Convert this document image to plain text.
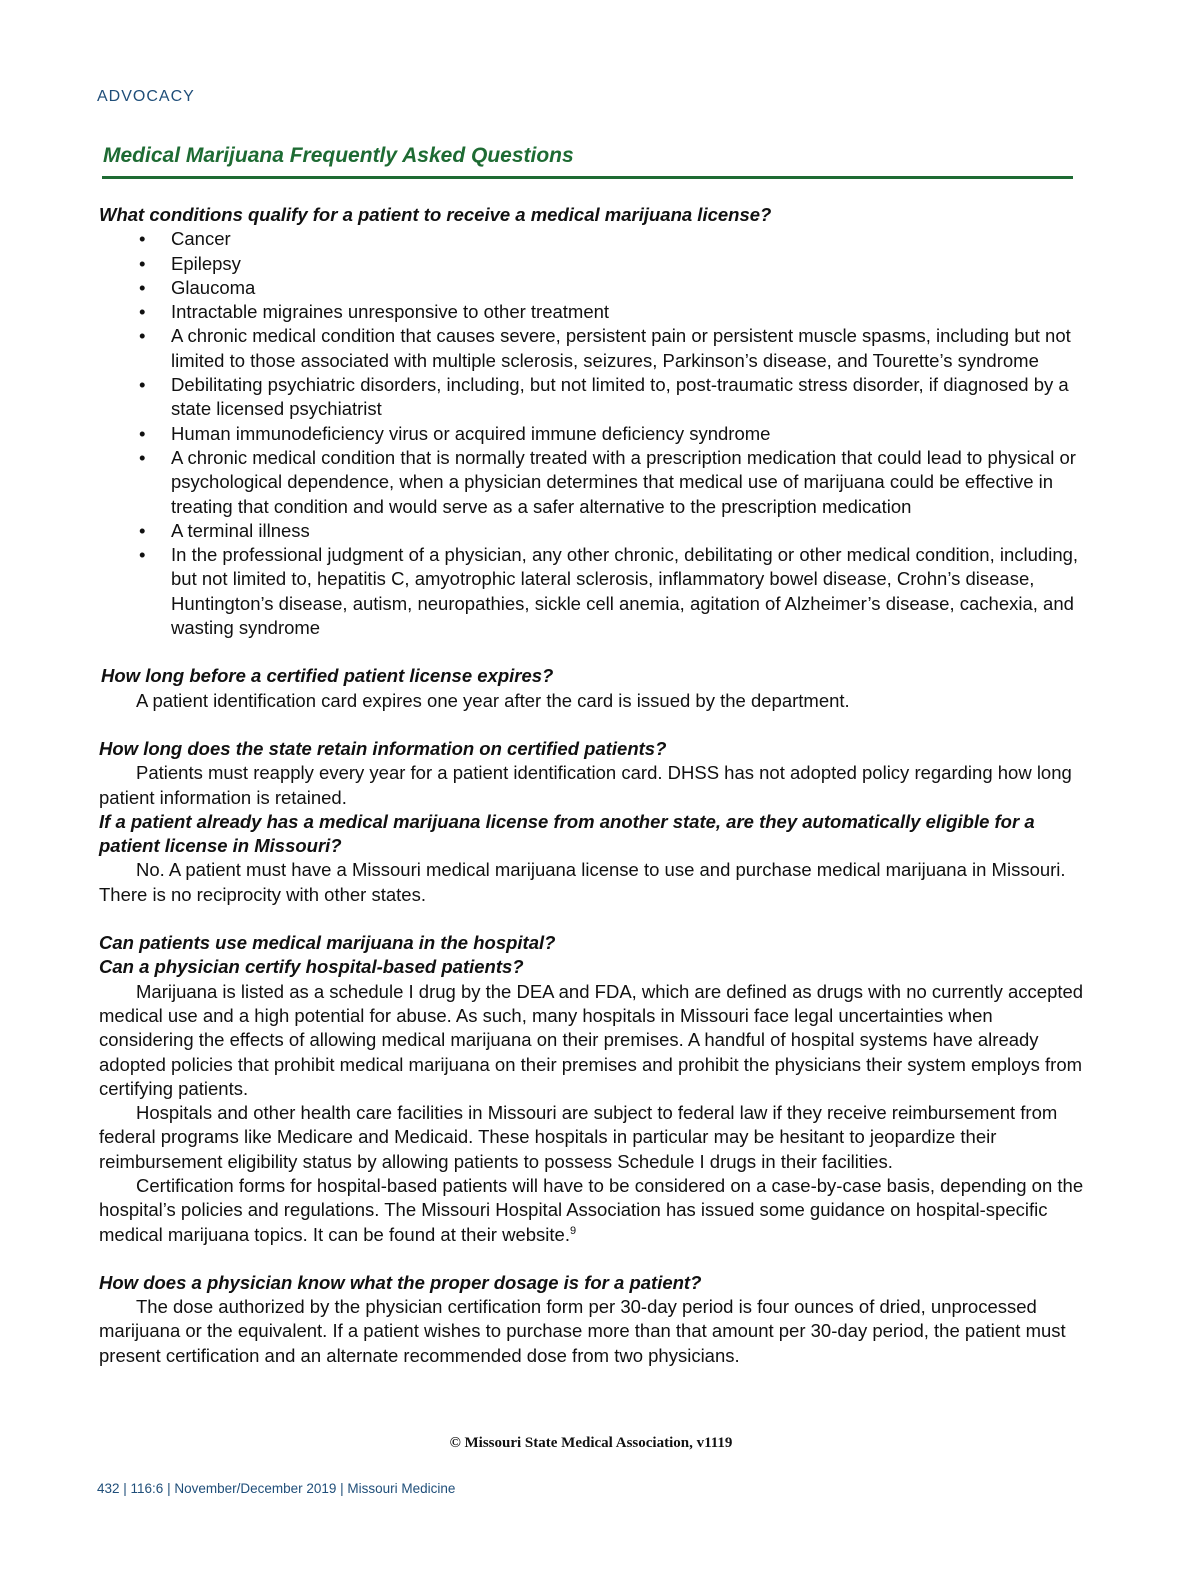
ADVOCACY
Medical Marijuana Frequently Asked Questions

What conditions qualify for a patient to receive a medical marijuana license?

• Cancer
• Epilepsy
• Glaucoma
• Intractable migraines unresponsive to other treatment
• A chronic medical condition that causes severe, persistent pain or persistent muscle spasms, including but not limited to those associated with multiple sclerosis, seizures, Parkinson’s disease, and Tourette’s syndrome
• Debilitating psychiatric disorders, including, but not limited to, post-traumatic stress disorder, if diagnosed by a state licensed psychiatrist
• Human immunodeficiency virus or acquired immune deficiency syndrome
• A chronic medical condition that is normally treated with a prescription medication that could lead to physical or psychological dependence, when a physician determines that medical use of marijuana could be effective in treating that condition and would serve as a safer alternative to the prescription medication
• A terminal illness
• In the professional judgment of a physician, any other chronic, debilitating or other medical condition, including, but not limited to, hepatitis C, amyotrophic lateral sclerosis, inflammatory bowel disease, Crohn’s disease, Huntington’s disease, autism, neuropathies, sickle cell anemia, agitation of Alzheimer’s disease, cachexia, and wasting syndrome

How long before a certified patient license expires?

A patient identification card expires one year after the card is issued by the department.

How long does the state retain information on certified patients?

Patients must reapply every year for a patient identification card. DHSS has not adopted policy regarding how long patient information is retained.

If a patient already has a medical marijuana license from another state, are they automatically eligible for a patient license in Missouri?

No. A patient must have a Missouri medical marijuana license to use and purchase medical marijuana in Missouri. There is no reciprocity with other states.

Can patients use medical marijuana in the hospital?

Can a physician certify hospital-based patients?

Marijuana is listed as a schedule I drug by the DEA and FDA, which are defined as drugs with no currently accepted medical use and a high potential for abuse. As such, many hospitals in Missouri face legal uncertainties when considering the effects of allowing medical marijuana on their premises. A handful of hospital systems have already adopted policies that prohibit medical marijuana on their premises and prohibit the physicians their system employs from certifying patients.

Hospitals and other health care facilities in Missouri are subject to federal law if they receive reimbursement from federal programs like Medicare and Medicaid. These hospitals in particular may be hesitant to jeopardize their reimbursement eligibility status by allowing patients to possess Schedule I drugs in their facilities.

Certification forms for hospital-based patients will have to be considered on a case-by-case basis, depending on the hospital’s policies and regulations. The Missouri Hospital Association has issued some guidance on hospital-specific medical marijuana topics. It can be found at their website.$^9$

How does a physician know what the proper dosage is for a patient?

The dose authorized by the physician certification form per 30-day period is four ounces of dried, unprocessed marijuana or the equivalent. If a patient wishes to purchase more than that amount per 30-day period, the patient must present certification and an alternate recommended dose from two physicians.

© Missouri State Medical Association, v1119
432 | 116:6 | November/December 2019 | Missouri Medicine
